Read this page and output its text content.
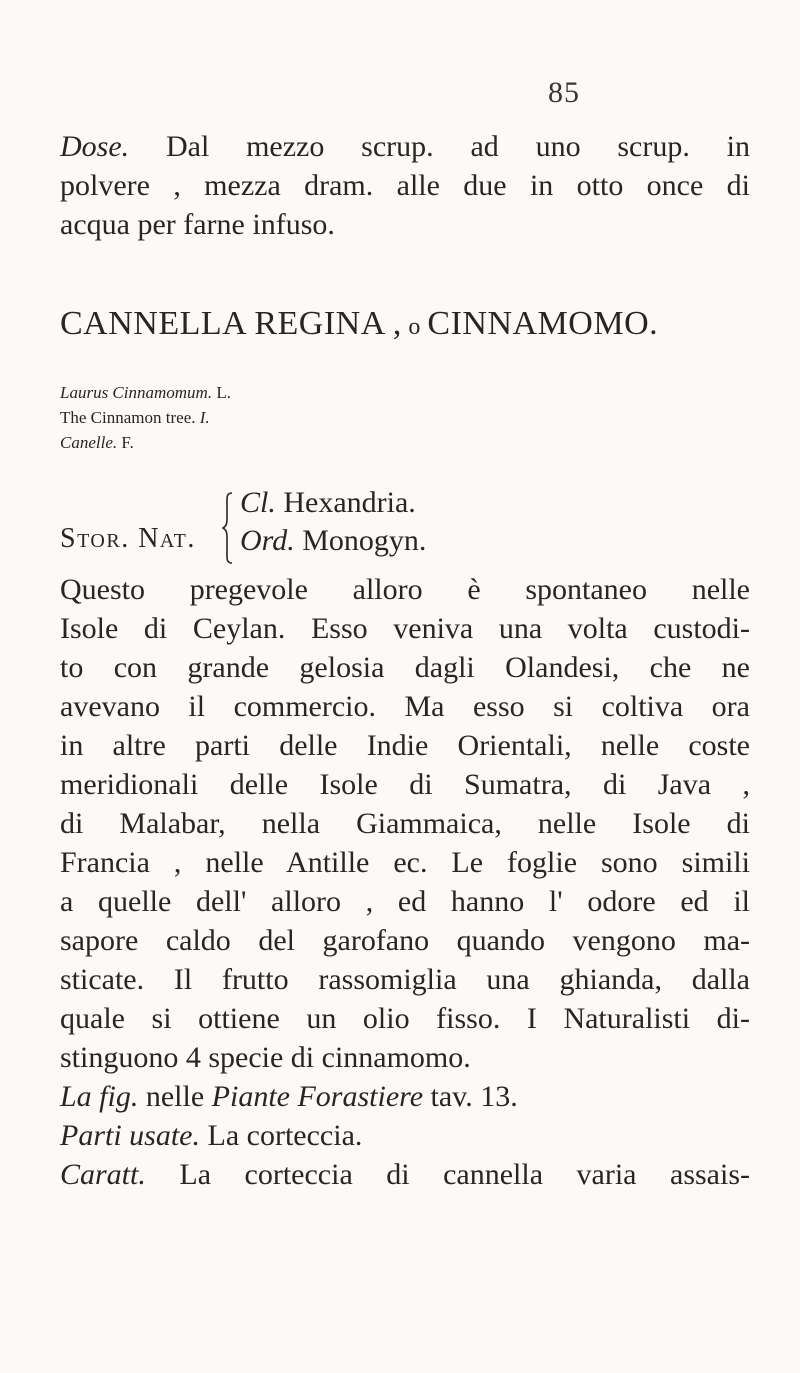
85
Dose. Dal mezzo scrup. ad uno scrup. in
polvere , mezza dram. alle due in otto once di
acqua per farne infuso.
CANNELLA REGINA , o CINNAMOMO.
Laurus Cinnamomum. L.
The Cinnamon tree. I.
Canelle. F.
Stor. Nat.
Cl. Hexandria.
Ord. Monogyn.
Questo pregevole alloro è spontaneo nelle
Isole di Ceylan. Esso veniva una volta custodi-
to con grande gelosia dagli Olandesi, che ne
avevano il commercio. Ma esso si coltiva ora
in altre parti delle Indie Orientali, nelle coste
meridionali delle Isole di Sumatra, di Java ,
di Malabar, nella Giammaica, nelle Isole di
Francia , nelle Antille ec. Le foglie sono simili
a quelle dell' alloro , ed hanno l' odore ed il
sapore caldo del garofano quando vengono ma-
sticate. Il frutto rassomiglia una ghianda, dalla
quale si ottiene un olio fisso. I Naturalisti di-
stinguono 4 specie di cinnamomo.
La fig. nelle Piante Forastiere tav. 13.
Parti usate. La corteccia.
Caratt. La corteccia di cannella varia assais-
